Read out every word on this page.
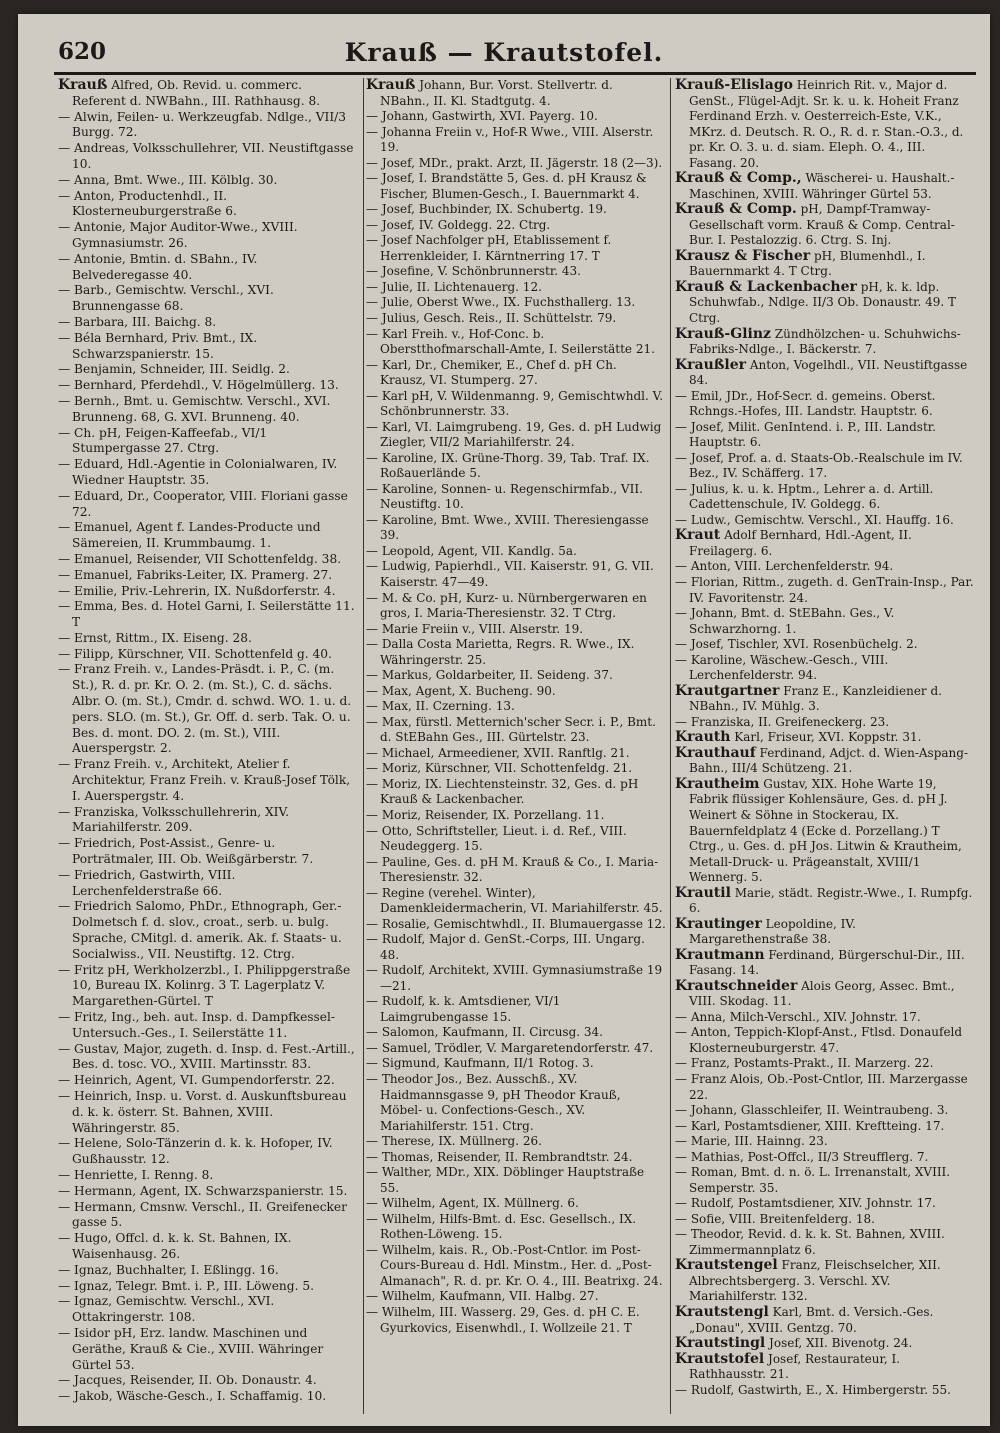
620	Krauß — Krautstofel.

Krauß Alfred, Ob. Revid. u. commerc. Referent d. NWBahn., III. Rathhausg. 8.

— Alwin, Feilen- u. Werkzeugfab. Ndlge., VII/3 Burgg. 72.

— Andreas, Volksschullehrer, VII. Neustiftgasse 10.

— Anna, Bmt. Wwe., III. Kölblg. 30.

— Anton, Productenhdl., II. Klosterneuburgerstraße 6.

— Antonie, Major Auditor-Wwe., XVIII. Gymnasiumstr. 26.

— Antonie, Bmtin. d. SBahn., IV. Belvederegasse 40.

— Barb., Gemischtw. Verschl., XVI. Brunnengasse 68.

— Barbara, III. Baichg. 8.

— Béla Bernhard, Priv. Bmt., IX. Schwarzspanierstr. 15.

— Benjamin, Schneider, III. Seidlg. 2.

— Bernhard, Pferdehdl., V. Högelmüllerg. 13.

— Bernh., Bmt. u. Gemischtw. Verschl., XVI. Brunneng. 68, G. XVI. Brunneng. 40.

— Ch. pH, Feigen-Kaffeefab., VI/1 Stumpergasse 27. Ctrg.

— Eduard, Hdl.-Agentie in Colonialwaren, IV. Wiedner Hauptstr. 35.

— Eduard, Dr., Cooperator, VIII. Floriani gasse 72.

— Emanuel, Agent f. Landes-Producte und Sämereien, II. Krummbaumg. 1.

— Emanuel, Reisender, VII Schottenfeldg. 38.

— Emanuel, Fabriks-Leiter, IX. Pramerg. 27.

— Emilie, Priv.-Lehrerin, IX. Nußdorferstr. 4.

— Emma, Bes. d. Hotel Garni, I. Seilerstätte 11. T

— Ernst, Rittm., IX. Eiseng. 28.

— Filipp, Kürschner, VII. Schottenfeld g. 40.

— Franz Freih. v., Landes-Präsdt. i. P., C. (m. St.), R. d. pr. Kr. O. 2. (m. St.), C. d. sächs. Albr. O. (m. St.), Cmdr. d. schwd. WO. 1. u. d. pers. SLO. (m. St.), Gr. Off. d. serb. Tak. O. u. Bes. d. mont. DO. 2. (m. St.), VIII. Auerspergstr. 2.

— Franz Freih. v., Architekt, Atelier f. Architektur, Franz Freih. v. Krauß-Josef Tölk, I. Auerspergstr. 4.

— Franziska, Volksschullehrerin, XIV. Mariahilferstr. 209.

— Friedrich, Post-Assist., Genre- u. Porträtmaler, III. Ob. Weißgärberstr. 7.

— Friedrich, Gastwirth, VIII. Lerchenfelderstraße 66.

— Friedrich Salomo, PhDr., Ethnograph, Ger.-Dolmetsch f. d. slov., croat., serb. u. bulg. Sprache, CMitgl. d. amerik. Ak. f. Staats- u. Socialwiss., VII. Neustiftg. 12. Ctrg.

— Fritz pH, Werkholzerzbl., I. Philippgerstraße 10, Bureau IX. Kolinrg. 3 T. Lagerplatz V. Margarethen-Gürtel. T

— Fritz, Ing., beh. aut. Insp. d. Dampfkessel-Untersuch.-Ges., I. Seilerstätte 11.

— Gustav, Major, zugeth. d. Insp. d. Fest.-Artill., Bes. d. tosc. VO., XVIII. Martinsstr. 83.

— Heinrich, Agent, VI. Gumpendorferstr. 22.

— Heinrich, Insp. u. Vorst. d. Auskunftsbureau d. k. k. österr. St. Bahnen, XVIII. Währingerstr. 85.

— Helene, Solo-Tänzerin d. k. k. Hofoper, IV. Gußhausstr. 12.

— Henriette, I. Renng. 8.

— Hermann, Agent, IX. Schwarzspanierstr. 15.

— Hermann, Cmsnw. Verschl., II. Greifenecker gasse 5.

— Hugo, Offcl. d. k. k. St. Bahnen, IX. Waisenhausg. 26.

— Ignaz, Buchhalter, I. Eßlingg. 16.

— Ignaz, Telegr. Bmt. i. P., III. Löweng. 5.

— Ignaz, Gemischtw. Verschl., XVI. Ottakringerstr. 108.

— Isidor pH, Erz. landw. Maschinen und Geräthe, Krauß & Cie., XVIII. Währinger Gürtel 53.

— Jacques, Reisender, II. Ob. Donaustr. 4.

— Jakob, Wäsche-Gesch., I. Schaffamig. 10.

Krauß Johann, Bur. Vorst. Stellvertr. d. NBahn., II. Kl. Stadtgutg. 4.

— Johann, Gastwirth, XVI. Payerg. 10.

— Johanna Freiin v., Hof-R Wwe., VIII. Alserstr. 19.

— Josef, MDr., prakt. Arzt, II. Jägerstr. 18 (2—3).

— Josef, I. Brandstätte 5, Ges. d. pH Krausz & Fischer, Blumen-Gesch., I. Bauernmarkt 4.

— Josef, Buchbinder, IX. Schubertg. 19.

— Josef, IV. Goldegg. 22. Ctrg.

— Josef Nachfolger pH, Etablissement f. Herrenkleider, I. Kärntnerring 17. T

— Josefine, V. Schönbrunnerstr. 43.

— Julie, II. Lichtenauerg. 12.

— Julie, Oberst Wwe., IX. Fuchsthallerg. 13.

— Julius, Gesch. Reis., II. Schüttelstr. 79.

— Karl Freih. v., Hof-Conc. b. Oberstthofmarschall-Amte, I. Seilerstätte 21.

— Karl, Dr., Chemiker, E., Chef d. pH Ch. Krausz, VI. Stumperg. 27.

— Karl pH, V. Wildenmanng. 9, Gemischtwhdl. V. Schönbrunnerstr. 33.

— Karl, VI. Laimgrubeng. 19, Ges. d. pH Ludwig Ziegler, VII/2 Mariahilferstr. 24.

— Karoline, IX. Grüne-Thorg. 39, Tab. Traf. IX. Roßauerlände 5.

— Karoline, Sonnen- u. Regenschirmfab., VII. Neustiftg. 10.

— Karoline, Bmt. Wwe., XVIII. Theresiengasse 39.

— Leopold, Agent, VII. Kandlg. 5a.

— Ludwig, Papierhdl., VII. Kaiserstr. 91, G. VII. Kaiserstr. 47—49.

— M. & Co. pH, Kurz- u. Nürnbergerwaren en gros, I. Maria-Theresienstr. 32. T Ctrg.

— Marie Freiin v., VIII. Alserstr. 19.

— Dalla Costa Marietta, Regrs. R. Wwe., IX. Währingerstr. 25.

— Markus, Goldarbeiter, II. Seideng. 37.

— Max, Agent, X. Bucheng. 90.

— Max, II. Czerning. 13.

— Max, fürstl. Metternich'scher Secr. i. P., Bmt. d. StEBahn Ges., III. Gürtelstr. 23.

— Michael, Armeediener, XVII. Ranftlg. 21.

— Moriz, Kürschner, VII. Schottenfeldg. 21.

— Moriz, IX. Liechtensteinstr. 32, Ges. d. pH Krauß & Lackenbacher.

— Moriz, Reisender, IX. Porzellang. 11.

— Otto, Schriftsteller, Lieut. i. d. Ref., VIII. Neudeggerg. 15.

— Pauline, Ges. d. pH M. Krauß & Co., I. Maria-Theresienstr. 32.

— Regine (verehel. Winter), Damenkleidermacherin, VI. Mariahilferstr. 45.

— Rosalie, Gemischtwhdl., II. Blumauergasse 12.

— Rudolf, Major d. GenSt.-Corps, III. Ungarg. 48.

— Rudolf, Architekt, XVIII. Gymnasiumstraße 19—21.

— Rudolf, k. k. Amtsdiener, VI/1 Laimgrubengasse 15.

— Salomon, Kaufmann, II. Circusg. 34.

— Samuel, Trödler, V. Margaretendorferstr. 47.

— Sigmund, Kaufmann, II/1 Rotog. 3.

— Theodor Jos., Bez. Ausschß., XV. Haidmannsgasse 9, pH Theodor Krauß, Möbel- u. Confections-Gesch., XV. Mariahilferstr. 151. Ctrg.

— Therese, IX. Müllnerg. 26.

— Thomas, Reisender, II. Rembrandtstr. 24.

— Walther, MDr., XIX. Döblinger Hauptstraße 55.

— Wilhelm, Agent, IX. Müllnerg. 6.

— Wilhelm, Hilfs-Bmt. d. Esc. Gesellsch., IX. Rothen-Löweng. 15.

— Wilhelm, kais. R., Ob.-Post-Cntlor. im Post-Cours-Bureau d. Hdl. Minstm., Her. d. „Post-Almanach", R. d. pr. Kr. O. 4., III. Beatrixg. 24.

— Wilhelm, Kaufmann, VII. Halbg. 27.

— Wilhelm, III. Wasserg. 29, Ges. d. pH C. E. Gyurkovics, Eisenwhdl., I. Wollzeile 21. T

Krauß-Elislago Heinrich Rit. v., Major d. GenSt., Flügel-Adjt. Sr. k. u. k. Hoheit Franz Ferdinand Erzh. v. Oesterreich-Este, V.K., MKrz. d. Deutsch. R. O., R. d. r. Stan.-O.3., d. pr. Kr. O. 3. u. d. siam. Eleph. O. 4., III. Fasang. 20.

Krauß & Comp., Wäscherei- u. Haushalt.-Maschinen, XVIII. Währinger Gürtel 53.

Krauß & Comp. pH, Dampf-Tramway-Gesellschaft vorm. Krauß & Comp. Central-Bur. I. Pestalozzig. 6. Ctrg. S. Inj.

Krausz & Fischer pH, Blumenhdl., I. Bauernmarkt 4. T Ctrg.

Krauß & Lackenbacher pH, k. k. ldp. Schuhwfab., Ndlge. II/3 Ob. Donaustr. 49. T Ctrg.

Krauß-Glinz Zündhölzchen- u. Schuhwichs-Fabriks-Ndlge., I. Bäckerstr. 7.

Kraußler Anton, Vogelhdl., VII. Neustiftgasse 84.

— Emil, JDr., Hof-Secr. d. gemeins. Oberst. Rchngs.-Hofes, III. Landstr. Hauptstr. 6.

— Josef, Milit. GenIntend. i. P., III. Landstr. Hauptstr. 6.

— Josef, Prof. a. d. Staats-Ob.-Realschule im IV. Bez., IV. Schäfferg. 17.

— Julius, k. u. k. Hptm., Lehrer a. d. Artill. Cadettenschule, IV. Goldegg. 6.

— Ludw., Gemischtw. Verschl., XI. Hauffg. 16.

Kraut Adolf Bernhard, Hdl.-Agent, II. Freilagerg. 6.

— Anton, VIII. Lerchenfelderstr. 94.

— Florian, Rittm., zugeth. d. GenTrain-Insp., Par. IV. Favoritenstr. 24.

— Johann, Bmt. d. StEBahn. Ges., V. Schwarzhorng. 1.

— Josef, Tischler, XVI. Rosenbüchelg. 2.

— Karoline, Wäschew.-Gesch., VIII. Lerchenfelderstr. 94.

Krautgartner Franz E., Kanzleidiener d. NBahn., IV. Mühlg. 3.

— Franziska, II. Greifeneckerg. 23.

Krauth Karl, Friseur, XVI. Koppstr. 31.

Krauthauf Ferdinand, Adjct. d. Wien-Aspang-Bahn., III/4 Schützeng. 21.

Krautheim Gustav, XIX. Hohe Warte 19, Fabrik flüssiger Kohlensäure, Ges. d. pH J. Weinert & Söhne in Stockerau, IX. Bauernfeldplatz 4 (Ecke d. Porzellang.) T Ctrg., u. Ges. d. pH Jos. Litwin & Krautheim, Metall-Druck- u. Prägeanstalt, XVIII/1 Wennerg. 5.

Krautil Marie, städt. Registr.-Wwe., I. Rumpfg. 6.

Krautinger Leopoldine, IV. Margarethenstraße 38.

Krautmann Ferdinand, Bürgerschul-Dir., III. Fasang. 14.

Krautschneider Alois Georg, Assec. Bmt., VIII. Skodag. 11.

— Anna, Milch-Verschl., XIV. Johnstr. 17.

— Anton, Teppich-Klopf-Anst., Ftlsd. Donaufeld Klosterneuburgerstr. 47.

— Franz, Postamts-Prakt., II. Marzerg. 22.

— Franz Alois, Ob.-Post-Cntlor, III. Marzergasse 22.

— Johann, Glasschleifer, II. Weintraubeng. 3.

— Karl, Postamtsdiener, XIII. Kreftteing. 17.

— Marie, III. Hainng. 23.

— Mathias, Post-Offcl., II/3 Streufflerg. 7.

— Roman, Bmt. d. n. ö. L. Irrenanstalt, XVIII. Semperstr. 35.

— Rudolf, Postamtsdiener, XIV. Johnstr. 17.

— Sofie, VIII. Breitenfelderg. 18.

— Theodor, Revid. d. k. k. St. Bahnen, XVIII. Zimmermannplatz 6.

Krautstengel Franz, Fleischselcher, XII. Albrechtsbergerg. 3. Verschl. XV. Mariahilferstr. 132.

Krautstengl Karl, Bmt. d. Versich.-Ges. „Donau", XVIII. Gentzg. 70.

Krautstingl Josef, XII. Bivenotg. 24.

Krautstofel Josef, Restaurateur, I. Rathhausstr. 21.

— Rudolf, Gastwirth, E., X. Himbergerstr. 55.
